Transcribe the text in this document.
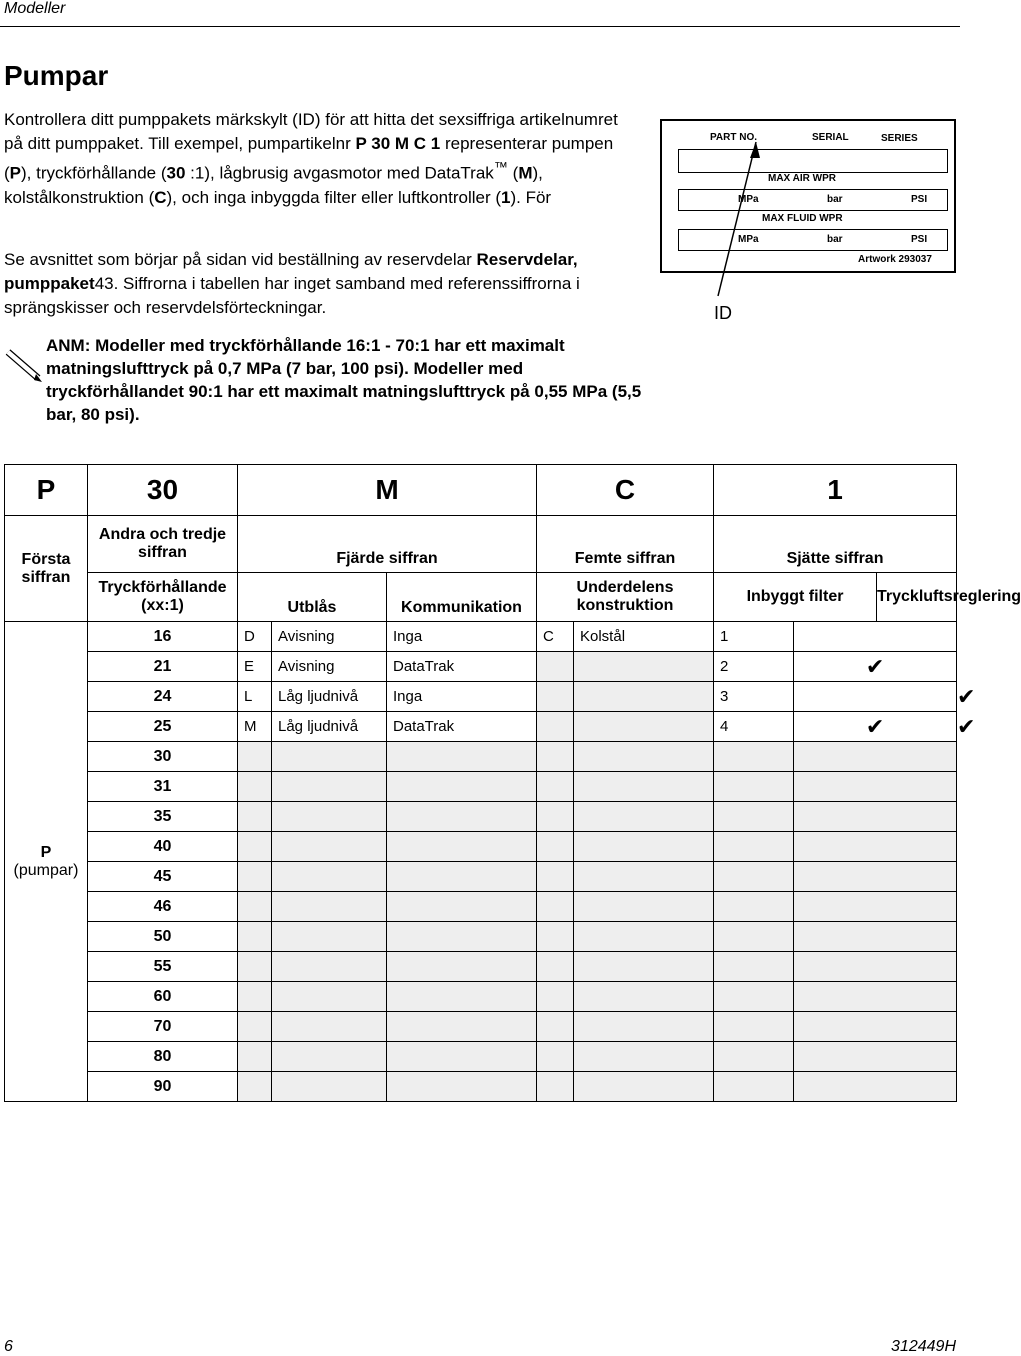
Modeller
Pumpar
Kontrollera ditt pumppakets märkskylt (ID) för att hitta det sexsiffriga artikelnumret på ditt pumppaket. Till exempel, pumpartikelnr P 30 M C 1 representerar pumpen (P), tryckförhållande (30 :1), lågbrusig avgasmotor med DataTrak™ (M), kolstålkonstruktion (C), och inga inbyggda filter eller luftkontroller (1). För
Se avsnittet som börjar på sidan vid beställning av reservdelar Reservdelar, pumppaket43. Siffrorna i tabellen har inget samband med referenssiffrorna i sprängskisser och reservdelsförteckningar.
ANM: Modeller med tryckförhållande 16:1 - 70:1 har ett maximalt matningslufttryck på 0,7 MPa (7 bar, 100 psi). Modeller med tryckförhållandet 90:1 har ett maximalt matningslufttryck på 0,55 MPa (5,5 bar, 80 psi).
PART NO.	SERIAL	SERIES
MAX AIR WPR
MPa	bar	PSI
MAX FLUID WPR
MPa	bar	PSI
Artwork 293037
ID
P	30	M			C		1			
Första siffran	Andra och tredje siffran	Fjärde siffran			Femte siffran		Sjätte siffran			
	Tryckförhållande (xx:1)	Utblås		Kommunikation	Underdelens konstruktion		Inbyggt filter		Tryckluftsreglering	

P
(pumpar)	16	D	Avisning	Inga	C	Kolstål	1			
	21	E	Avisning	DataTrak			2	✔		
	24	L	Låg ljudnivå	Inga			3			✔
	25	M	Låg ljudnivå	DataTrak			4	✔		✔
	30									
	31									
	35									
	40									
	45									
	46									
	50									
	55									
	60									
	70									
	80									
	90									
6	312449H
